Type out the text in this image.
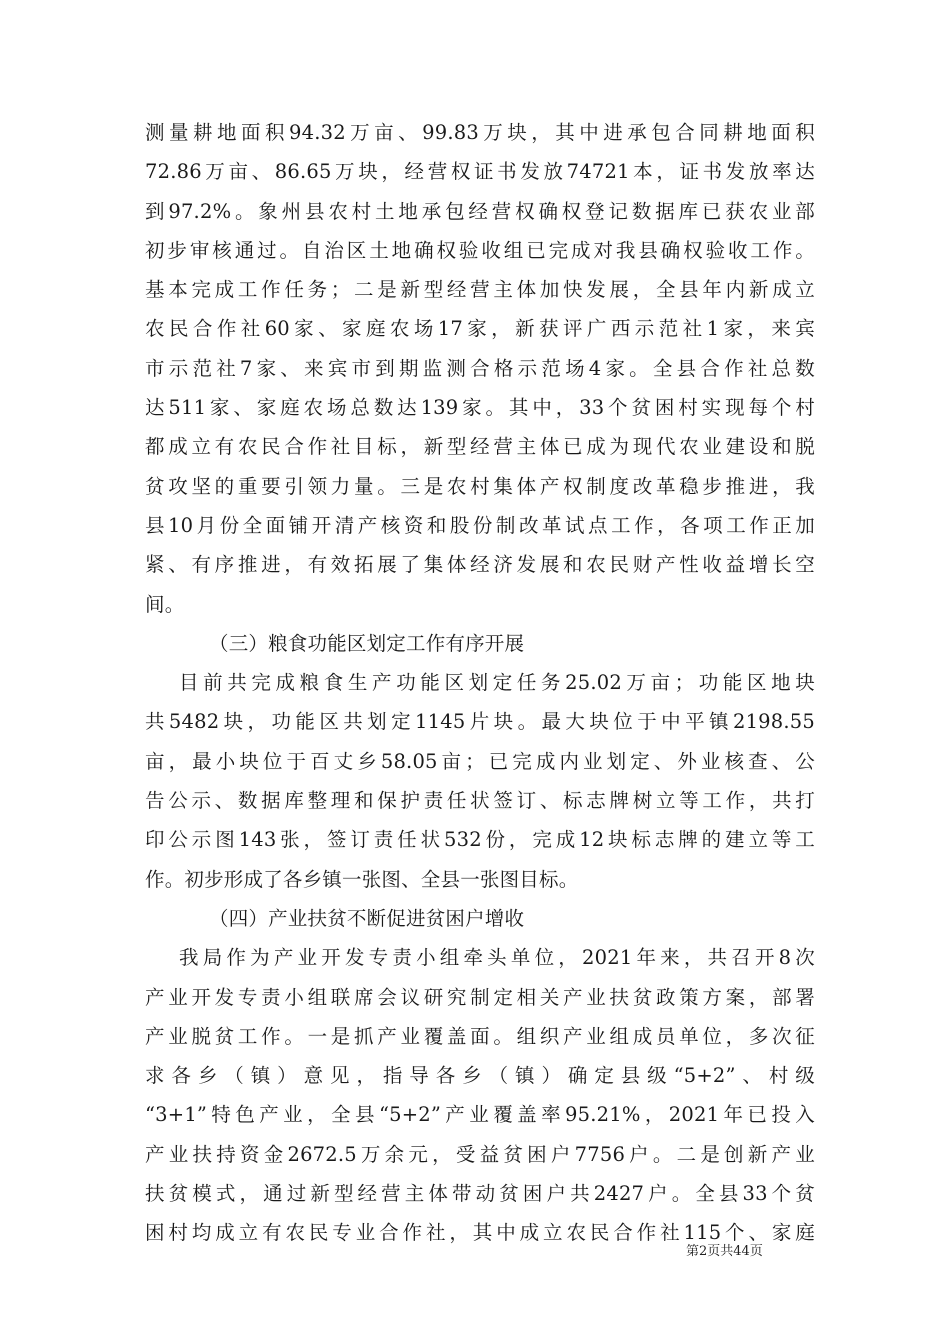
测量耕地面积94.32万亩、99.83万块，其中进承包合同耕地面积
72.86万亩、86.65万块，经营权证书发放74721本，证书发放率达
到97.2%。象州县农村土地承包经营权确权登记数据库已获农业部
初步审核通过。自治区土地确权验收组已完成对我县确权验收工作。
基本完成工作任务；二是新型经营主体加快发展，全县年内新成立
农民合作社60家、家庭农场17家，新获评广西示范社1家，来宾
市示范社7家、来宾市到期监测合格示范场4家。全县合作社总数
达511家、家庭农场总数达139家。其中，33个贫困村实现每个村
都成立有农民合作社目标，新型经营主体已成为现代农业建设和脱
贫攻坚的重要引领力量。三是农村集体产权制度改革稳步推进，我
县10月份全面铺开清产核资和股份制改革试点工作，各项工作正加
紧、有序推进，有效拓展了集体经济发展和农民财产性收益增长空
间。
（三）粮食功能区划定工作有序开展
目前共完成粮食生产功能区划定任务25.02万亩；功能区地块
共5482块，功能区共划定1145片块。最大块位于中平镇2198.55
亩，最小块位于百丈乡58.05亩；已完成内业划定、外业核查、公
告公示、数据库整理和保护责任状签订、标志牌树立等工作，共打
印公示图143张，签订责任状532份，完成12块标志牌的建立等工
作。初步形成了各乡镇一张图、全县一张图目标。
（四）产业扶贫不断促进贫困户增收
我局作为产业开发专责小组牵头单位，2021年来，共召开8次
产业开发专责小组联席会议研究制定相关产业扶贫政策方案，部署
产业脱贫工作。一是抓产业覆盖面。组织产业组成员单位，多次征
求各乡（镇）意见，指导各乡（镇）确定县级“5+2”、村级
“3+1”特色产业，全县“5+2”产业覆盖率95.21%，2021年已投入
产业扶持资金2672.5万余元，受益贫困户7756户。二是创新产业
扶贫模式，通过新型经营主体带动贫困户共2427户。全县33个贫
困村均成立有农民专业合作社，其中成立农民合作社115个、家庭
第2页共44页
